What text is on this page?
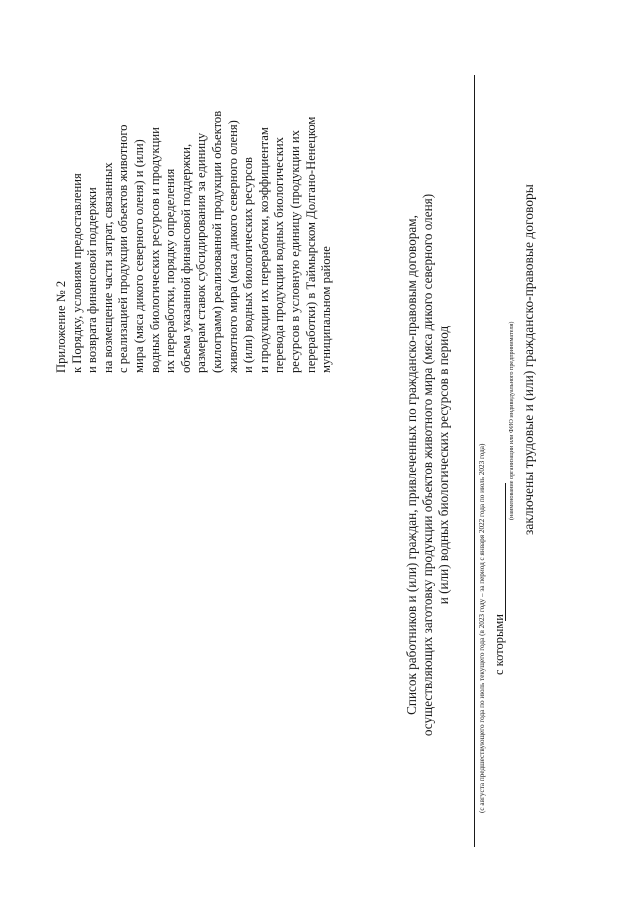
Приложение № 2 к Порядку, условиям предоставления и возврата финансовой поддержки на возмещение части затрат, связанных с реализацией продукции объектов животного мира (мяса дикого северного оленя) и (или) водных биологических ресурсов и продукции их переработки, порядку определения объема указанной финансовой поддержки, размерам ставок субсидирования за единицу (килограмм) реализованной продукции объектов животного мира (мяса дикого северного оленя) и (или) водных биологических ресурсов и продукции их переработки, коэффициентам перевода продукции водных биологических ресурсов в условную единицу (продукции их переработки) в Таймырском Долгано-Ненецком муниципальном районе	Список работников и (или) граждан, привлеченных по гражданско-правовым договорам, осуществляющих заготовку продукции объектов животного мира (мяса дикого северного оленя) и (или) водных биологических ресурсов в период	(с августа предшествующего года по июль текущего года (в 2023 году – за период с января 2022 года по июль 2023 года) с которыми
(наименование организации или ФИО индивидуального предпринимателя) заключены трудовые и (или) гражданско-правовые договоры
